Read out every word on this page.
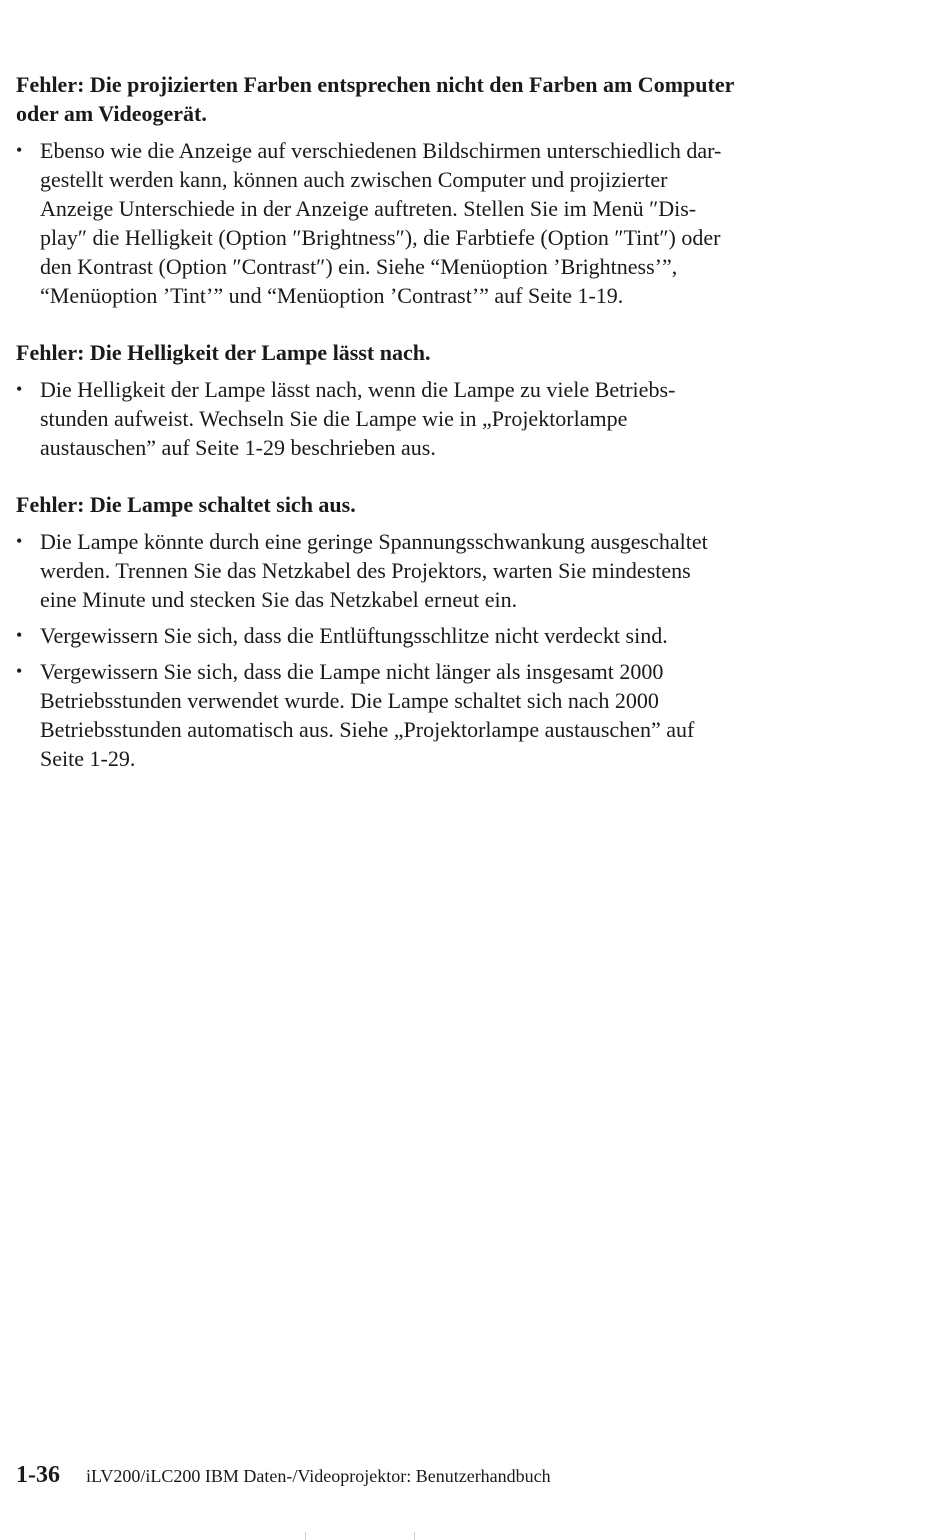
Fehler: Die projizierten Farben entsprechen nicht den Farben am Computer
oder am Videogerät.
• Ebenso wie die Anzeige auf verschiedenen Bildschirmen unterschiedlich dar-
gestellt werden kann, können auch zwischen Computer und projizierter
Anzeige Unterschiede in der Anzeige auftreten. Stellen Sie im Menü ″Dis-
play″ die Helligkeit (Option ″Brightness″), die Farbtiefe (Option ″Tint″) oder
den Kontrast (Option ″Contrast″) ein. Siehe “Menüoption ’Brightness’”,
“Menüoption ’Tint’” und “Menüoption ’Contrast’” auf Seite 1-19.
Fehler: Die Helligkeit der Lampe lässt nach.
• Die Helligkeit der Lampe lässt nach, wenn die Lampe zu viele Betriebs-
stunden aufweist. Wechseln Sie die Lampe wie in „Projektorlampe
austauschen” auf Seite 1-29 beschrieben aus.
Fehler: Die Lampe schaltet sich aus.
• Die Lampe könnte durch eine geringe Spannungsschwankung ausgeschaltet
werden. Trennen Sie das Netzkabel des Projektors, warten Sie mindestens
eine Minute und stecken Sie das Netzkabel erneut ein.
• Vergewissern Sie sich, dass die Entlüftungsschlitze nicht verdeckt sind.
• Vergewissern Sie sich, dass die Lampe nicht länger als insgesamt 2000
Betriebsstunden verwendet wurde. Die Lampe schaltet sich nach 2000
Betriebsstunden automatisch aus. Siehe „Projektorlampe austauschen” auf
Seite 1-29.
1-36 iLV200/iLC200 IBM Daten-/Videoprojektor: Benutzerhandbuch
